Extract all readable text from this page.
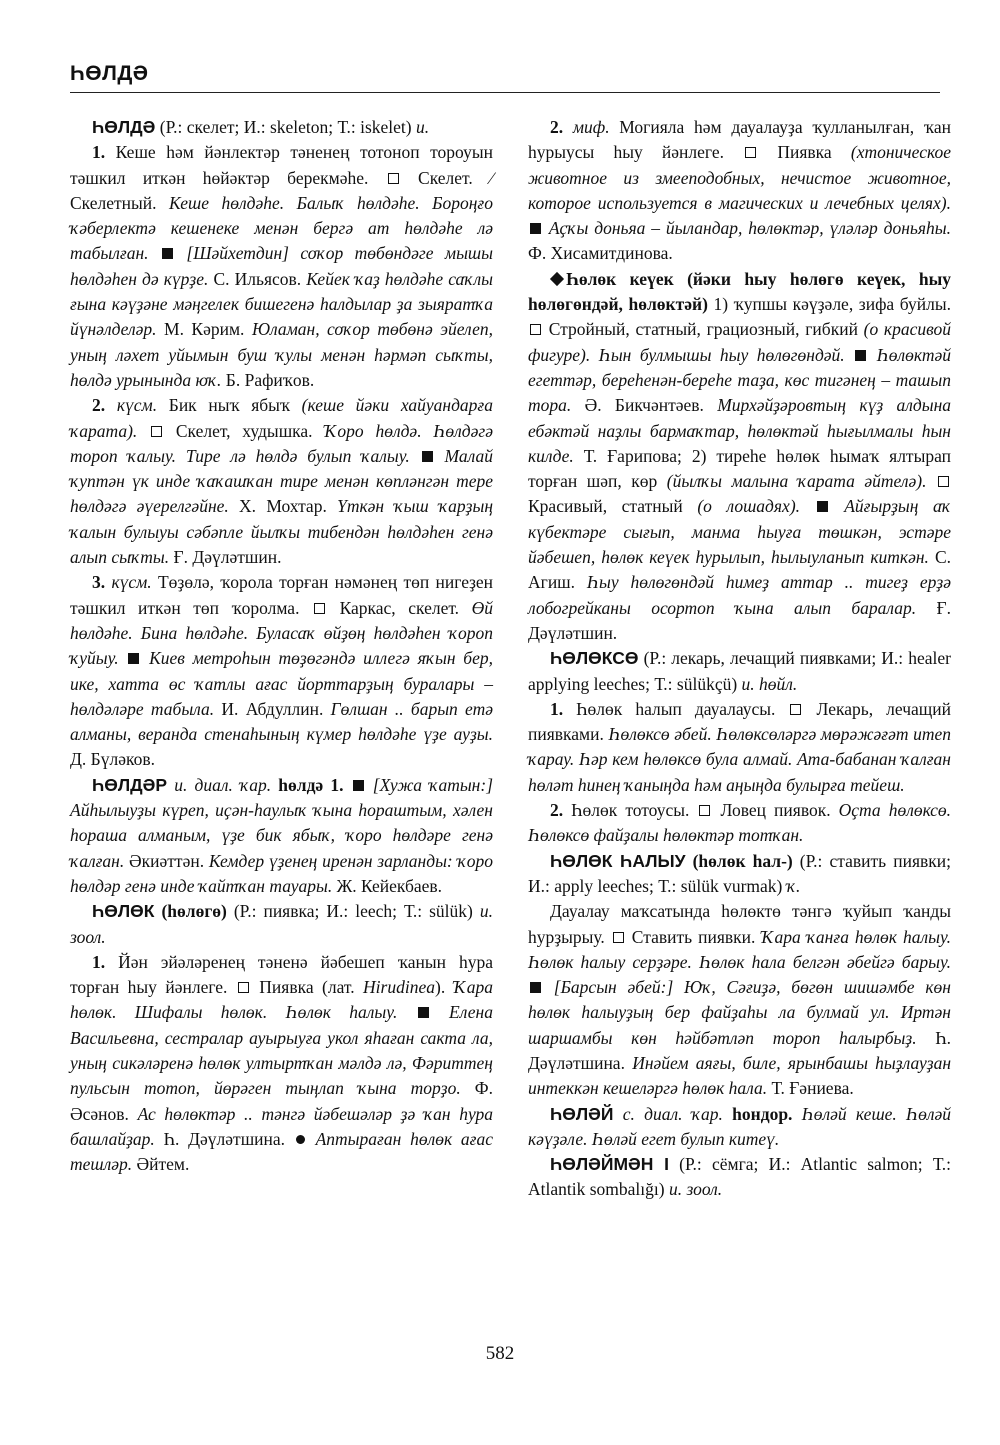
ҺӨЛДӘ

ҺӨЛДӘ (Р.: скелет; И.: skeleton; Т.: iskelet) и.

1. Кеше һәм йәнлектәр тәненең тотоноп тороуын тәшкил иткән һөйәктәр берекмәһе.  Скелет. ∕ Скелетный. Кеше һөлдәһе. Балыҡ һөлдәһе. Бороңғо ҡәберлектә кешенеке менән бергә ат һөлдәһе лә табылған.  [Шәйхетдин] соҡор төбөндәге мышы һөлдәһен дә күрҙе. С. Ильясов. Кейек ҡаҙ һөлдәһе саҡлы ғына кәүҙәне мәңгелек бишегенә һалдылар ҙа зыяратҡа йүнәлделәр. М. Кәрим. Юламан, соҡор төбөнә эйелеп, уның ләхет уйымын буш ҡулы менән һәрмәп сыҡты, һөлдә урынында юҡ. Б. Рафиҡов.

2. күсм. Бик ныҡ ябыҡ (кеше йәки хайуандарға ҡарата).  Скелет, худышка. Ҡоро һөлдә. Һөлдәгә тороп ҡалыу. Тире лә һөлдә булып ҡалыу.  Малай ҡуптән үк инде ҡаҡашҡан тире менән көпләнгән тере һөлдәгә әүерелгәйне. Х. Мохтар. Үткән ҡыш ҡарҙың ҡалын булыуы сәбәпле йылҡы тибендән һөлдәһен генә алып сыҡты. Ғ. Дәүләтшин.

3. күсм. Төҙөлә, ҡорола торған нәмәнең төп нигеҙен тәшкил иткән төп ҡоролма.  Каркас, скелет. Өй һөлдәһе. Бина һөлдәһе. Буласаҡ өйҙөң һөлдәһен ҡороп ҡуйыу.  Киев метроһын төҙөгәндә иллегә яҡын бер, ике, хатта өс ҡатлы ағас йорттарҙың буралары – һөлдәләре табыла. И. Абдуллин. Гөлшан .. барып етә алманы, веранда стенаһының күмер һөлдәһе үҙе ауҙы. Д. Бүләков.

ҺӨЛДӘР и. диал. ҡар. һөлдә 1.  [Хужа ҡатын:] Айһылыуҙы күреп, иҫән-һаулыҡ ҡына һораштым, хәлен һораша алманым, үҙе бик ябыҡ, ҡоро һөлдәре генә ҡалған. Әкиәттән. Кемдер үҙенең иренән зарланды: ҡоро һөлдәр генә инде ҡайтҡан тауары. Ж. Кейекбаев.

ҺӨЛӨК (һөлөгө) (Р.: пиявка; И.: leech; Т.: sülük) и. зоол.

1. Йән эйәләренең тәненә йәбешеп ҡанын һура торған һыу йәнлеге.  Пиявка (лат. Hirudinea). Ҡара һөлөк. Шифалы һөлөк. Һөлөк һалыу.  Елена Васильевна, сестралар ауырыуға укол яһаған сакта ла, уның сикәләренә һөлөк ултыртҡан мәлдә лә, Фәриттең пульсын тотоп, йөрәген тыңлап ҡына торҙо. Ф. Әсәнов. Ас һөлөктәр .. тәнгә йәбешәләр ҙә ҡан һура башлайҙар. Һ. Дәүләтшина.  Аптыраған һөлөк ағас тешләр. Әйтем.

2. миф. Могияла һәм дауалауҙа ҡулланылған, ҡан һурыусы һыу йәнлеге.  Пиявка (хтоническое животное из змееподобных, нечистое животное, которое используется в магических и лечебных целях).  Аҫҡы доньяа – йыландар, һөлөктәр, үләләр доньяһы. Ф. Хисамитдинова.

Һөлөк кеүек (йәки һыу һөлөгө кеүек, һыу һөлөгөндәй, һөлөктәй) 1) ҡупшы кәүҙәле, зифа буйлы.  Стройный, статный, грациозный, гибкий (о красивой фигуре). Һын булмышы һыу һөлөгөндәй.  Һөлөктәй егеттәр, береһенән-береһе таҙа, көс тигәнең – ташып тора. Ә. Бикчәнтәев. Мирхәйҙәровтың күҙ алдына ебәктәй наҙлы бармаҡтар, һөлөктәй һығылмалы һын килде. Т. Ғарипова; 2) тиреһе һөлөк һымаҡ ялтырап торған шәп, көр (йылҡы малына ҡарата әйтелә).  Красивый, статный (о лошадях).  Айғырҙың аҡ күбектәре сығып, манма һыуға төшкән, эстәре йәбешеп, һөлөк кеүек һурылып, һылыуланып киткән. С. Агиш. Һыу һөлөгөндәй һимеҙ аттар .. тигеҙ ерҙә лобогрейканы осортоп ҡына алып баралар. Ғ. Дәүләтшин.

ҺӨЛӨКСӨ (Р.: лекарь, лечащий пиявками; И.: healer applying leeches; Т.: sülükçü) и. һөйл.

1. Һөлөк һалып дауалаусы.  Лекарь, лечащий пиявками. Һөлөксө әбей. Һөлөксөләргә мөрәжәғәт итеп ҡарау. Һәр кем һөлөксө була алмай. Ата-бабанан ҡалған һөләт һинең ҡаныңда һәм аңыңда булырға тейеш.

2. Һөлөк тотоусы.  Ловец пиявок. Оҫта һөлөксө. Һөлөксө файҙалы һөлөктәр тотҡан.

ҺӨЛӨК ҺАЛЫУ (һөлөк һал-) (Р.: ставить пиявки; И.: apply leeches; Т.: sülük vurmak) ҡ.

Дауалау маҡсатында һөлөктө тәнгә ҡуйып ҡанды һурҙырыу.  Ставить пиявки. Ҡара ҡанға һөлөк һалыу. Һөлөк һалыу серҙәре. Һөлөк һала белгән әбейгә барыу.  [Барсын әбей:] Юҡ, Сәғиҙә, бөгөн шишәмбе көн һөлөк һалыуҙың бер файҙаһы ла булмай ул. Иртән шаршамбы көн һәйбәтләп тороп һалырбыҙ. Һ. Дәүләтшина. Инәйем аяғы, биле, ярынбашы һыҙлауҙан интеккән кешеләргә һөлөк һала. Т. Ғәниева.

ҺӨЛӘЙ с. диал. ҡар. һондор. Һөләй кеше. Һөләй кәүҙәле. Һөләй егет булып китеү.

ҺӨЛӘЙМӘН I (Р.: сёмга; И.: Atlantic salmon; Т.: Atlantik sombalığı) и. зоол.

582
